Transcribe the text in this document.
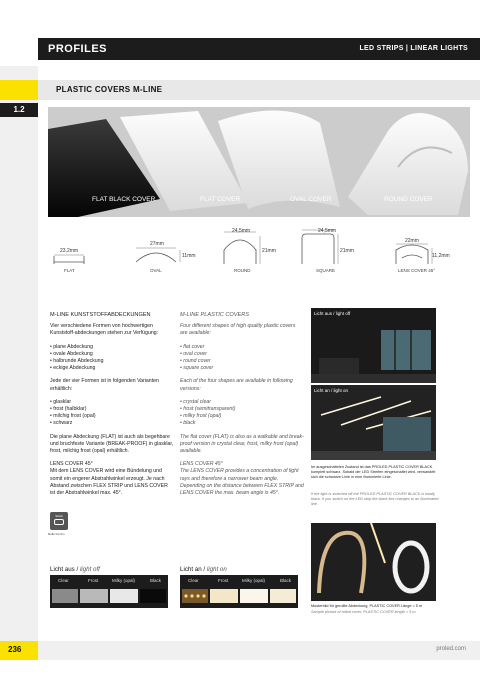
PROFILES	LED STRIPS | LINEAR LIGHTS
PLASTIC COVERS M-LINE
1.2
FLAT BLACK COVER	FLAT COVER	OVAL COVER	ROUND COVER
23,2mm
27mm
11mm
24,5mm
21mm
24,5mm
21mm
22mm
11,2mm
FLAT	OVAL	ROUND	SQUARE	LENS COVER 45°
M-LINE KUNSTSTOFFABDECKUNGEN

Vier verschiedene Formen von hochwertigen Kunststoff-abdeckungen stehen zur Verfügung:

• plane Abdeckung
• ovale Abdeckung
• halbrunde Abdeckung
• eckige Abdeckung

Jede der vier Formen ist in folgenden Varianten erhältlich:

• glasklar
• frost (halbklar)
• milchig frost (opal)
• schwarz

Die plane Abdeckung (FLAT) ist auch als begehbare und bruchfeste Variante (BREAK-PROOF) in glasklar, frost, milchig frost (opal) erhältlich.

LENS COVER 45°

Mit dem LENS COVER wird eine Bündelung und somit ein engerer Abstrahlwinkel erzeugt. Je nach Abstand zwischen FLEX STRIP und LENS COVER ist der Abstrahlwinkel max. 45°.

Stück
Rolle bis 5m
M-LINE PLASTIC COVERS

Four different shapes of high quality plastic covers are available:

• flat cover
• oval cover
• round cover
• square cover

Each of the four shapes are available in following versions:

• crystal clear
• frost (semitransparent)
• milky frost (opal)
• black

The flat cover (FLAT) is also as a walkable and break-proof version in crystal clear, frost, milky frost (opal) available.

LENS COVER 45°

The LENS COVER provides a concentration of light rays and therefore a narrower beam angle. Depending on the distance between FLEX STRIP and LENS COVER the max. beam angle is 45°.

Licht aus / light off
Licht an / light on
Im ausgeschalteten Zustand ist das PROLED PLASTIC COVER BLACK komplett schwarz. Sobald der LED Streifen eingeschaltet wird, verwandelt sich die schwarze Linie in eine illuminierte Linie.
If the light is switched off the PROLED PLASTIC COVER BLACK is totally black. If you switch on the LED strip the black line changes to an illuminated line.
Musterbild für gerollte Abdeckung, PLASTIC COVER Länge = 5 m
Sample picture of rolled cover, PLASTIC COVER length = 5 m
Licht aus / light off
Clear	Frost	Milky (opal)	Black
Licht an / light on
Clear	Frost	Milky (opal)	Black
236	proled.com
